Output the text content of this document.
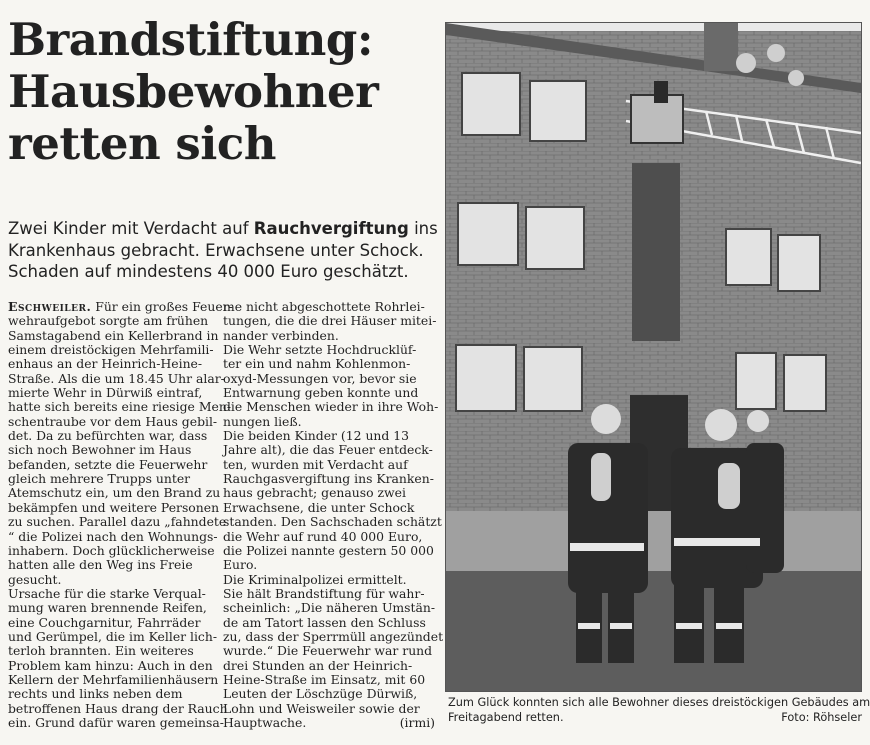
Brandstiftung:
Hausbewohner
retten sich

Zwei Kinder mit Verdacht auf Rauchvergiftung ins
Krankenhaus gebracht. Erwachsene unter Schock.
Schaden auf mindestens 40 000 Euro geschätzt.

Eschweiler. Für ein großes Feuer-
wehraufgebot sorgte am frühen
Samstagabend ein Kellerbrand in
einem dreistöckigen Mehrfamili-
enhaus an der Heinrich-Heine-
Straße. Als die um 18.45 Uhr alar-
mierte Wehr in Dürwiß eintraf,
hatte sich bereits eine riesige Men-
schentraube vor dem Haus gebil-
det. Da zu befürchten war, dass
sich noch Bewohner im Haus
befanden, setzte die Feuerwehr
gleich mehrere Trupps unter
Atemschutz ein, um den Brand zu
bekämpfen und weitere Personen
zu suchen. Parallel dazu „fahndete
“ die Polizei nach den Wohnungs-
inhabern. Doch glücklicherweise
hatten alle den Weg ins Freie
gesucht.
Ursache für die starke Verqual-
mung waren brennende Reifen,
eine Couchgarnitur, Fahrräder
und Gerümpel, die im Keller lich-
terloh brannten. Ein weiteres
Problem kam hinzu: Auch in den
Kellern der Mehrfamilienhäusern
rechts und links neben dem
betroffenen Haus drang der Rauch
ein. Grund dafür waren gemeinsa-
me nicht abgeschottete Rohrlei-
tungen, die die drei Häuser mitei-
nander verbinden.
Die Wehr setzte Hochdrucklüf-
ter ein und nahm Kohlenmon-
oxyd-Messungen vor, bevor sie
Entwarnung geben konnte und
die Menschen wieder in ihre Woh-
nungen ließ.
Die beiden Kinder (12 und 13
Jahre alt), die das Feuer entdeck-
ten, wurden mit Verdacht auf
Rauchgasvergiftung ins Kranken-
haus gebracht; genauso zwei
Erwachsene, die unter Schock
standen. Den Sachschaden schätzt
die Wehr auf rund 40 000 Euro,
die Polizei nannte gestern 50 000
Euro.
Die Kriminalpolizei ermittelt.
Sie hält Brandstiftung für wahr-
scheinlich: „Die näheren Umstän-
de am Tatort lassen den Schluss
zu, dass der Sperrmüll angezündet
wurde.“ Die Feuerwehr war rund
drei Stunden an der Heinrich-
Heine-Straße im Einsatz, mit 60
Leuten der Löschzüge Dürwiß,
Lohn und Weisweiler sowie der
Hauptwache.	(irmi)
Zum Glück konnten sich alle Bewohner dieses dreistöckigen Gebäudes am
Freitagabend retten.	Foto: Röhseler
